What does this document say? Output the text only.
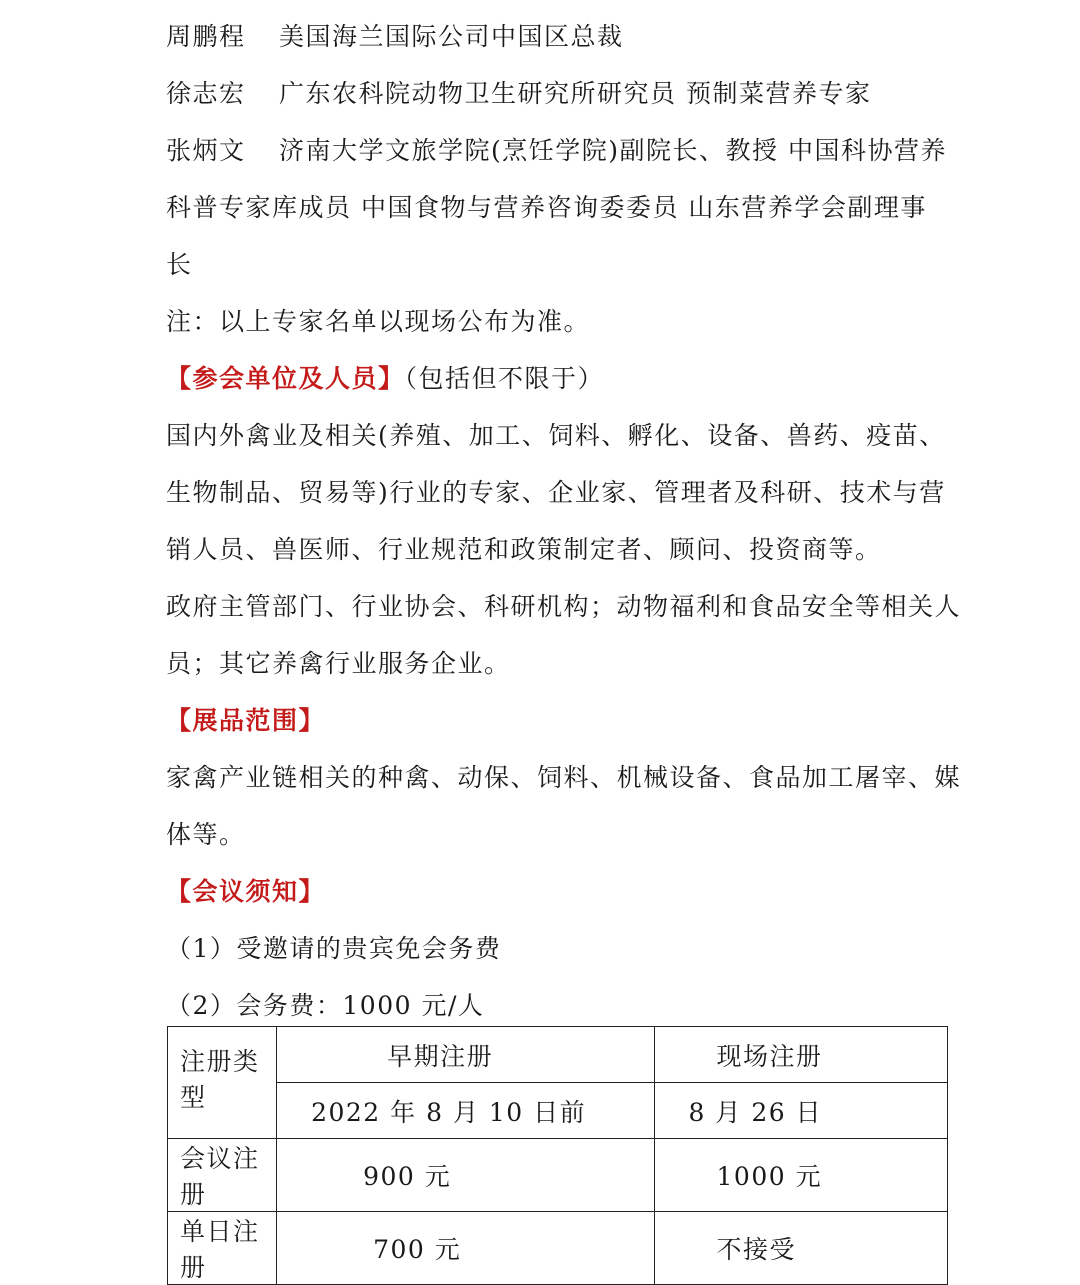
周鹏程 美国海兰国际公司中国区总裁
徐志宏 广东农科院动物卫生研究所研究员 预制菜营养专家
张炳文 济南大学文旅学院(烹饪学院)副院长、教授 中国科协营养
科普专家库成员 中国食物与营养咨询委委员 山东营养学会副理事
长
注：以上专家名单以现场公布为准。
【参会单位及人员】（包括但不限于）
国内外禽业及相关(养殖、加工、饲料、孵化、设备、兽药、疫苗、
生物制品、贸易等)行业的专家、企业家、管理者及科研、技术与营
销人员、兽医师、行业规范和政策制定者、顾问、投资商等。
政府主管部门、行业协会、科研机构；动物福利和食品安全等相关人
员；其它养禽行业服务企业。
【展品范围】
家禽产业链相关的种禽、动保、饲料、机械设备、食品加工屠宰、媒
体等。
【会议须知】
（1）受邀请的贵宾免会务费
（2）会务费：1000 元/人
注册类型	早期注册	现场注册
	2022 年 8 月 10 日前	8 月 26 日
会议注册	900 元	1000 元
单日注册	700 元	不接受
